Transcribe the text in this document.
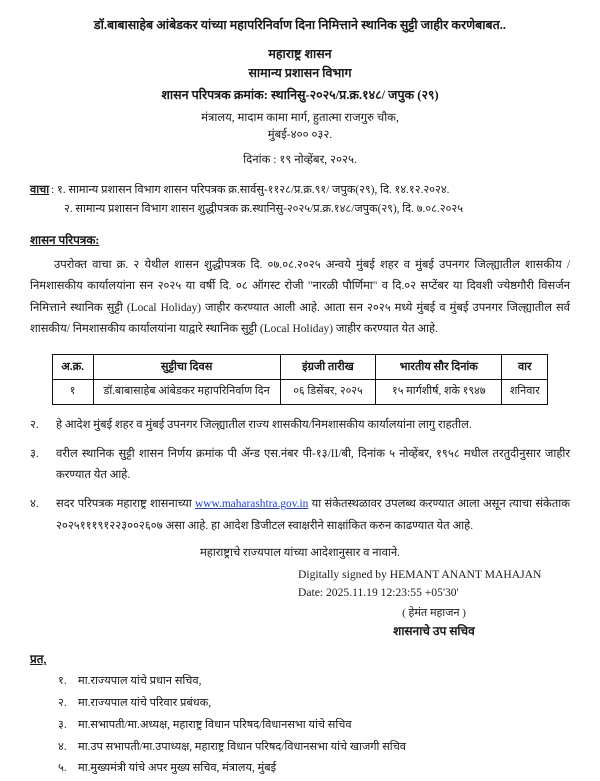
डॉ.बाबासाहेब आंबेडकर यांच्या महापरिनिर्वाण दिना निमित्ताने स्थानिक सुट्टी जाहीर करणेबाबत..
महाराष्ट्र शासन
सामान्य प्रशासन विभाग
शासन परिपत्रक क्रमांक: स्थानिसु-२०२५/प्र.क्र.१४८/ जपुक (२९)
मंत्रालय, मादाम कामा मार्ग, हुतात्मा राजगुरु चौक,
मुंबई-४०० ०३२.
दिनांक : १९ नोव्हेंबर, २०२५.
वाचा : १. सामान्य प्रशासन विभाग शासन परिपत्रक क्र.सार्वसु-११२८/प्र.क्र.९१/ जपुक(२९), दि. १४.१२.२०२४.
२. सामान्य प्रशासन विभाग शासन शुद्धीपत्रक क्र.स्थानिसु-२०२५/प्र.क्र.१४८/जपुक(२९), दि. ७.०८.२०२५
शासन परिपत्रक:
उपरोक्त वाचा क्र. २ येथील शासन शुद्धीपत्रक दि. ०७.०८.२०२५ अन्वये मुंबई शहर व मुंबई उपनगर जिल्ह्यातील शासकीय /निमशासकीय कार्यालयांना सन २०२५ या वर्षी दि. ०८ ऑगस्ट रोजी "नारळी पौर्णिमा" व दि.०२ सप्टेंबर या दिवशी ज्येष्ठगौरी विसर्जन निमित्ताने स्थानिक सुट्टी (Local Holiday) जाहीर करण्यात आली आहे. आता सन २०२५ मध्ये मुंबई व मुंबई उपनगर जिल्ह्यातील सर्व शासकीय/ निमशासकीय कार्यालयांना या‍द्वारे स्थानिक सुट्टी (Local Holiday) जाहीर करण्यात येत आहे.
अ.क्र.	सुट्टीचा दिवस	इंग्रजी तारीख	भारतीय सौर दिनांक	वार
१	डॉ.बाबासाहेब आंबेडकर महापरिनिर्वाण दिन	०६ डिसेंबर, २०२५	१५ मार्गशीर्ष, शके १९४७	शनिवार
२.	हे आदेश मुंबई शहर व मुंबई उपनगर जिल्ह्यातील राज्य शासकीय/निमशासकीय कार्यालयांना लागु राहतील.
३.	वरील स्थानिक सुट्टी शासन निर्णय क्रमांक पी ॲन्ड एस.नंबर पी-१३/II/बी, दिनांक ५ नोव्हेंबर, १९५८ मधील तरतुदीनुसार जाहीर करण्यात येत आहे.
४.	सदर परिपत्रक महाराष्ट्र शासनाच्या www.maharashtra.gov.in या संकेतस्थळावर उपलब्ध करण्यात आला असून त्याचा संकेताक २०२५१११९१२२३००२६०७ असा आहे. हा आदेश डिजीटल स्वाक्षरीने साक्षांकित करुन काढण्यात येत आहे.
महाराष्ट्राचे राज्यपाल यांच्या आदेशानुसार व नावाने.
Digitally signed by HEMANT ANANT MAHAJAN
Date: 2025.11.19 12:23:55 +05'30'
( हेमंत महाजन )
शासनाचे उप सचिव
प्रत,
१.	मा.राज्यपाल यांचे प्रधान सचिव,
२.	मा.राज्यपाल यांचे परिवार प्रबंधक,
३.	मा.सभापती/मा.अध्यक्ष, महाराष्ट्र विधान परिषद/विधानसभा यांचे सचिव
४.	मा.उप सभापती/मा.उपाध्यक्ष, महाराष्ट्र विधान परिषद/विधानसभा यांचे खाजगी सचिव
५.	मा.मुख्यमंत्री यांचे अपर मुख्य सचिव, मंत्रालय, मुंबई
